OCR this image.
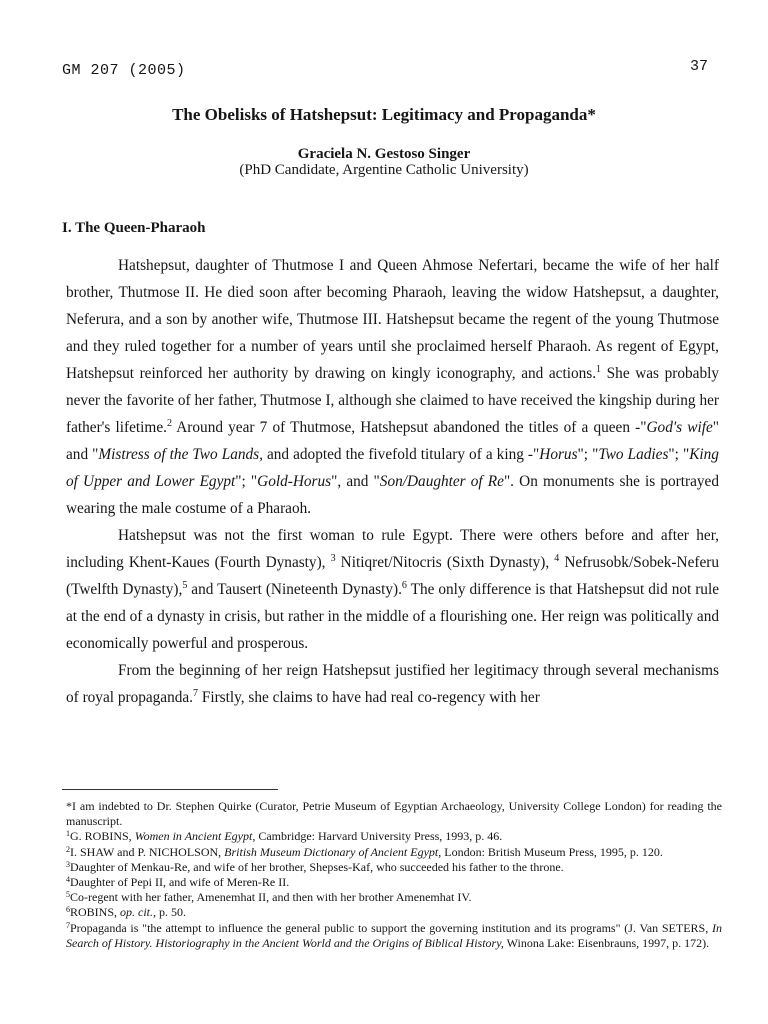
GM 207 (2005)	37
The Obelisks of Hatshepsut: Legitimacy and Propaganda*
Graciela N. Gestoso Singer
(PhD Candidate, Argentine Catholic University)
I. The Queen-Pharaoh

Hatshepsut, daughter of Thutmose I and Queen Ahmose Nefertari, became the wife of her half brother, Thutmose II. He died soon after becoming Pharaoh, leaving the widow Hatshepsut, a daughter, Neferura, and a son by another wife, Thutmose III. Hatshepsut became the regent of the young Thutmose and they ruled together for a number of years until she proclaimed herself Pharaoh. As regent of Egypt, Hatshepsut reinforced her authority by drawing on kingly iconography, and actions.$^1$ She was probably never the favorite of her father, Thutmose I, although she claimed to have received the kingship during her father's lifetime.$^2$ Around year 7 of Thutmose, Hatshepsut abandoned the titles of a queen -"God's wife" and "Mistress of the Two Lands, and adopted the fivefold titulary of a king -"Horus"; "Two Ladies"; "King of Upper and Lower Egypt"; "Gold-Horus", and "Son/Daughter of Re". On monuments she is portrayed wearing the male costume of a Pharaoh.

Hatshepsut was not the first woman to rule Egypt. There were others before and after her, including Khent-Kaues (Fourth Dynasty), $^3$ Nitiqret/Nitocris (Sixth Dynasty), $^4$ Nefrusobk/Sobek-Neferu (Twelfth Dynasty),$^5$ and Tausert (Nineteenth Dynasty).$^6$ The only difference is that Hatshepsut did not rule at the end of a dynasty in crisis, but rather in the middle of a flourishing one. Her reign was politically and economically powerful and prosperous.

From the beginning of her reign Hatshepsut justified her legitimacy through several mechanisms of royal propaganda.$^7$ Firstly, she claims to have had real co-regency with her

*I am indebted to Dr. Stephen Quirke (Curator, Petrie Museum of Egyptian Archaeology, University College London) for reading the manuscript.

$^1$G. ROBINS, Women in Ancient Egypt, Cambridge: Harvard University Press, 1993, p. 46.

$^2$I. SHAW and P. NICHOLSON, British Museum Dictionary of Ancient Egypt, London: British Museum Press, 1995, p. 120.

$^3$Daughter of Menkau-Re, and wife of her brother, Shepses-Kaf, who succeeded his father to the throne.

$^4$Daughter of Pepi II, and wife of Meren-Re II.

$^5$Co-regent with her father, Amenemhat II, and then with her brother Amenemhat IV.

$^6$ROBINS, op. cit., p. 50.

$^7$Propaganda is "the attempt to influence the general public to support the governing institution and its programs" (J. Van SETERS, In Search of History. Historiography in the Ancient World and the Origins of Biblical History, Winona Lake: Eisenbrauns, 1997, p. 172).
